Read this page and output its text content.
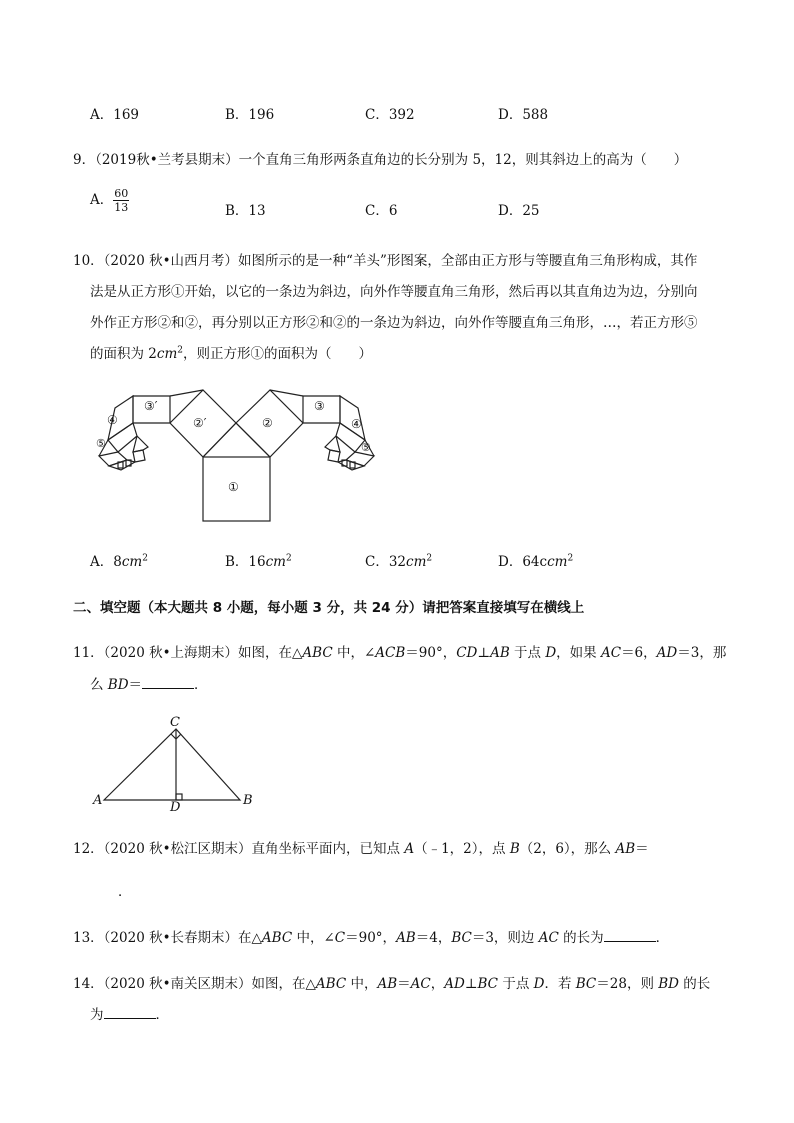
A．169	B．196	C．392	D．588
9．（2019秋•兰考县期末）一个直角三角形两条直角边的长分别为 5，12，则其斜边上的高为（　　）
A． $\frac{60}{13}$	B．13	C．6	D．25
10．（2020 秋•山西月考）如图所示的是一种“羊头”形图案，全部由正方形与等腰直角三角形构成，其作
法是从正方形①开始，以它的一条边为斜边，向外作等腰直角三角形，然后再以其直角边为边，分别向
外作正方形②和②，再分别以正方形②和②的一条边为斜边，向外作等腰直角三角形，…，若正方形⑤
的面积为 $2cm^2$，则正方形①的面积为（　　）
①
②
②′
③
③′
④
④
⑤
⑤
A．$8cm^2$	B．$16cm^2$	C．$32cm^2$	D．64ccm$^2$
二、填空题（本大题共 8 小题，每小题 3 分，共 24 分）请把答案直接填写在横线上
11．（2020 秋•上海期末）如图，在△ABC 中，∠ACB＝90°，CD⊥AB 于点 D，如果 AC＝6，AD＝3，那
么 BD＝	．
C
A	B
D
12．（2020 秋•松江区期末）直角坐标平面内，已知点 A（﹣1，2），点 B（2，6），那么 AB＝
．
13．（2020 秋•长春期末）在△ABC 中，∠C＝90°，AB＝4，BC＝3，则边 AC 的长为	．
14．（2020 秋•南关区期末）如图，在△ABC 中，AB＝AC，AD⊥BC 于点 D．若 BC＝28，则 BD 的长
为	．
